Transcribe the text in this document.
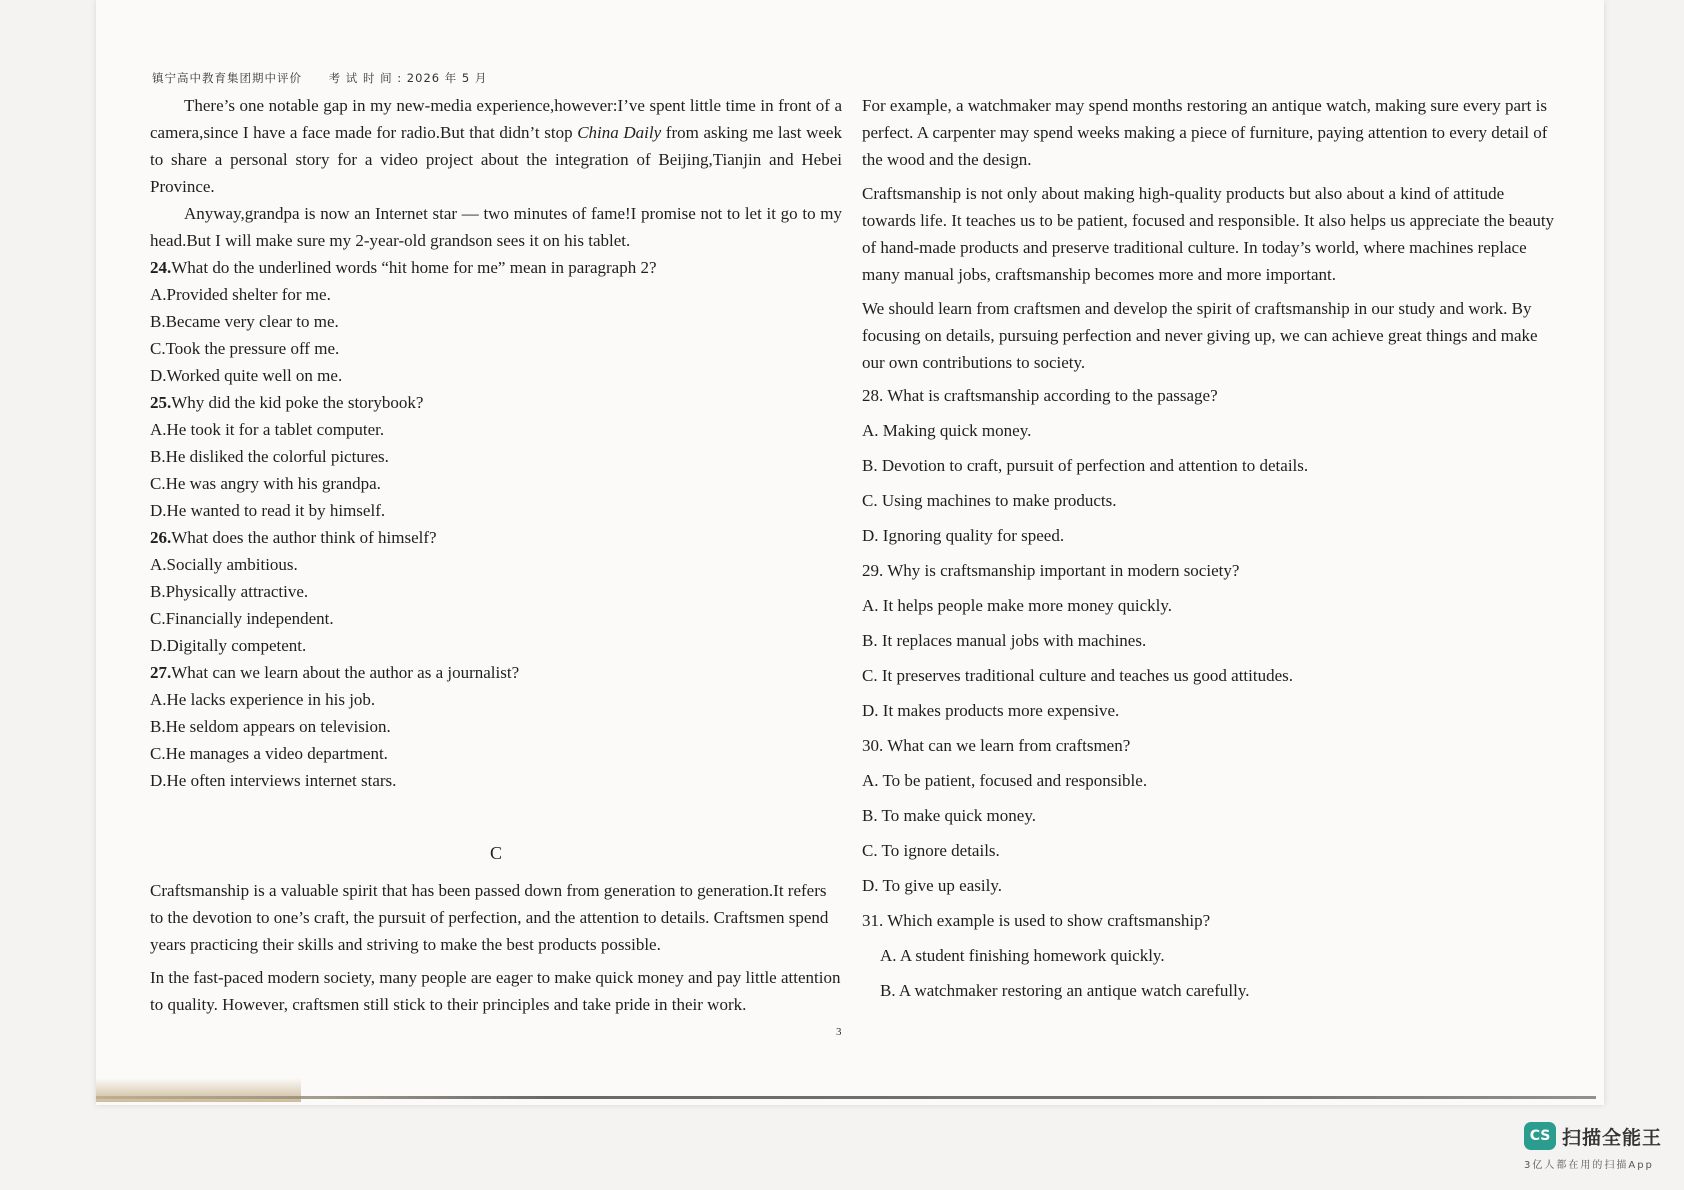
镇宁高中教育集团期中评价 考 试 时 间 : 2026 年 5 月

There’s one notable gap in my new-media experience,however:I’ve spent little time in front of a camera,since I have a face made for radio.But that didn’t stop China Daily from asking me last week to share a personal story for a video project about the integration of Beijing,Tianjin and Hebei Province.

Anyway,grandpa is now an Internet star — two minutes of fame!I promise not to let it go to my head.But I will make sure my 2-year-old grandson sees it on his tablet.

24.What do the underlined words “hit home for me” mean in paragraph 2?

A.Provided shelter for me.

B.Became very clear to me.

C.Took the pressure off me.

D.Worked quite well on me.

25.Why did the kid poke the storybook?

A.He took it for a tablet computer.

B.He disliked the colorful pictures.

C.He was angry with his grandpa.

D.He wanted to read it by himself.

26.What does the author think of himself?

A.Socially ambitious.

B.Physically attractive.

C.Financially independent.

D.Digitally competent.

27.What can we learn about the author as a journalist?

A.He lacks experience in his job.

B.He seldom appears on television.

C.He manages a video department.

D.He often interviews internet stars.

C

Craftsmanship is a valuable spirit that has been passed down from generation to generation.It refers to the devotion to one’s craft, the pursuit of perfection, and the attention to details. Craftsmen spend years practicing their skills and striving to make the best products possible.

In the fast-paced modern society, many people are eager to make quick money and pay little attention to quality. However, craftsmen still stick to their principles and take pride in their work.

For example, a watchmaker may spend months restoring an antique watch, making sure every part is perfect. A carpenter may spend weeks making a piece of furniture, paying attention to every detail of the wood and the design.

Craftsmanship is not only about making high-quality products but also about a kind of attitude towards life. It teaches us to be patient, focused and responsible. It also helps us appreciate the beauty of hand-made products and preserve traditional culture. In today’s world, where machines replace many manual jobs, craftsmanship becomes more and more important.

We should learn from craftsmen and develop the spirit of craftsmanship in our study and work. By focusing on details, pursuing perfection and never giving up, we can achieve great things and make our own contributions to society.

28. What is craftsmanship according to the passage?

A. Making quick money.

B. Devotion to craft, pursuit of perfection and attention to details.

C. Using machines to make products.

D. Ignoring quality for speed.

29. Why is craftsmanship important in modern society?

A. It helps people make more money quickly.

B. It replaces manual jobs with machines.

C. It preserves traditional culture and teaches us good attitudes.

D. It makes products more expensive.

30. What can we learn from craftsmen?

A. To be patient, focused and responsible.

B. To make quick money.

C. To ignore details.

D. To give up easily.

31. Which example is used to show craftsmanship?

A. A student finishing homework quickly.

B. A watchmaker restoring an antique watch carefully.

3
CS 扫描全能王
3亿人都在用的扫描App
